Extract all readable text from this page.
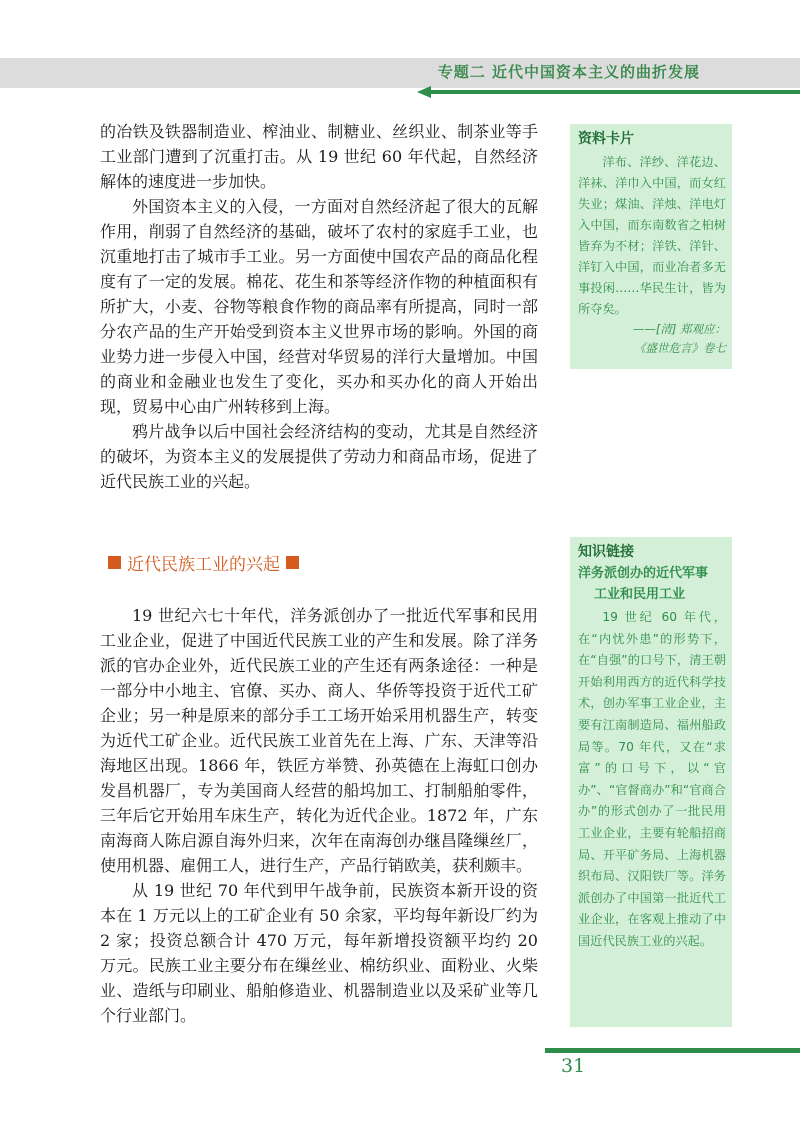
专题二 近代中国资本主义的曲折发展

的冶铁及铁器制造业、榨油业、制糖业、丝织业、制茶业等手工业部门遭到了沉重打击。从 19 世纪 60 年代起，自然经济解体的速度进一步加快。

外国资本主义的入侵，一方面对自然经济起了很大的瓦解作用，削弱了自然经济的基础，破坏了农村的家庭手工业，也沉重地打击了城市手工业。另一方面使中国农产品的商品化程度有了一定的发展。棉花、花生和茶等经济作物的种植面积有所扩大，小麦、谷物等粮食作物的商品率有所提高，同时一部分农产品的生产开始受到资本主义世界市场的影响。外国的商业势力进一步侵入中国，经营对华贸易的洋行大量增加。中国的商业和金融业也发生了变化，买办和买办化的商人开始出现，贸易中心由广州转移到上海。

鸦片战争以后中国社会经济结构的变动，尤其是自然经济的破坏，为资本主义的发展提供了劳动力和商品市场，促进了近代民族工业的兴起。

近代民族工业的兴起

19 世纪六七十年代，洋务派创办了一批近代军事和民用工业企业，促进了中国近代民族工业的产生和发展。除了洋务派的官办企业外，近代民族工业的产生还有两条途径：一种是一部分中小地主、官僚、买办、商人、华侨等投资于近代工矿企业；另一种是原来的部分手工工场开始采用机器生产，转变为近代工矿企业。近代民族工业首先在上海、广东、天津等沿海地区出现。1866 年，铁匠方举赞、孙英德在上海虹口创办发昌机器厂，专为美国商人经营的船坞加工、打制船舶零件，三年后它开始用车床生产，转化为近代企业。1872 年，广东南海商人陈启源自海外归来，次年在南海创办继昌隆缫丝厂，使用机器、雇佣工人，进行生产，产品行销欧美，获利颇丰。

从 19 世纪 70 年代到甲午战争前，民族资本新开设的资本在 1 万元以上的工矿企业有 50 余家，平均每年新设厂约为 2 家；投资总额合计 470 万元，每年新增投资额平均约 20 万元。民族工业主要分布在缫丝业、棉纺织业、面粉业、火柴业、造纸与印刷业、船舶修造业、机器制造业以及采矿业等几个行业部门。

资料卡片
洋布、洋纱、洋花边、洋袜、洋巾入中国，而女红失业；煤油、洋烛、洋电灯入中国，而东南数省之桕树皆弃为不材；洋铁、洋针、洋钉入中国，而业冶者多无事投闲……华民生计，皆为所夺矣。
——[清] 郑观应：
《盛世危言》卷七
知识链接
洋务派创办的近代军事
工业和民用工业
19 世纪 60 年代，在“内忧外患”的形势下，在“自强”的口号下，清王朝开始利用西方的近代科学技术，创办军事工业企业，主要有江南制造局、福州船政局等。70 年代，又在“求富”的口号下，以“官办”、“官督商办”和“官商合办”的形式创办了一批民用工业企业，主要有轮船招商局、开平矿务局、上海机器织布局、汉阳铁厂等。洋务派创办了中国第一批近代工业企业，在客观上推动了中国近代民族工业的兴起。
31
